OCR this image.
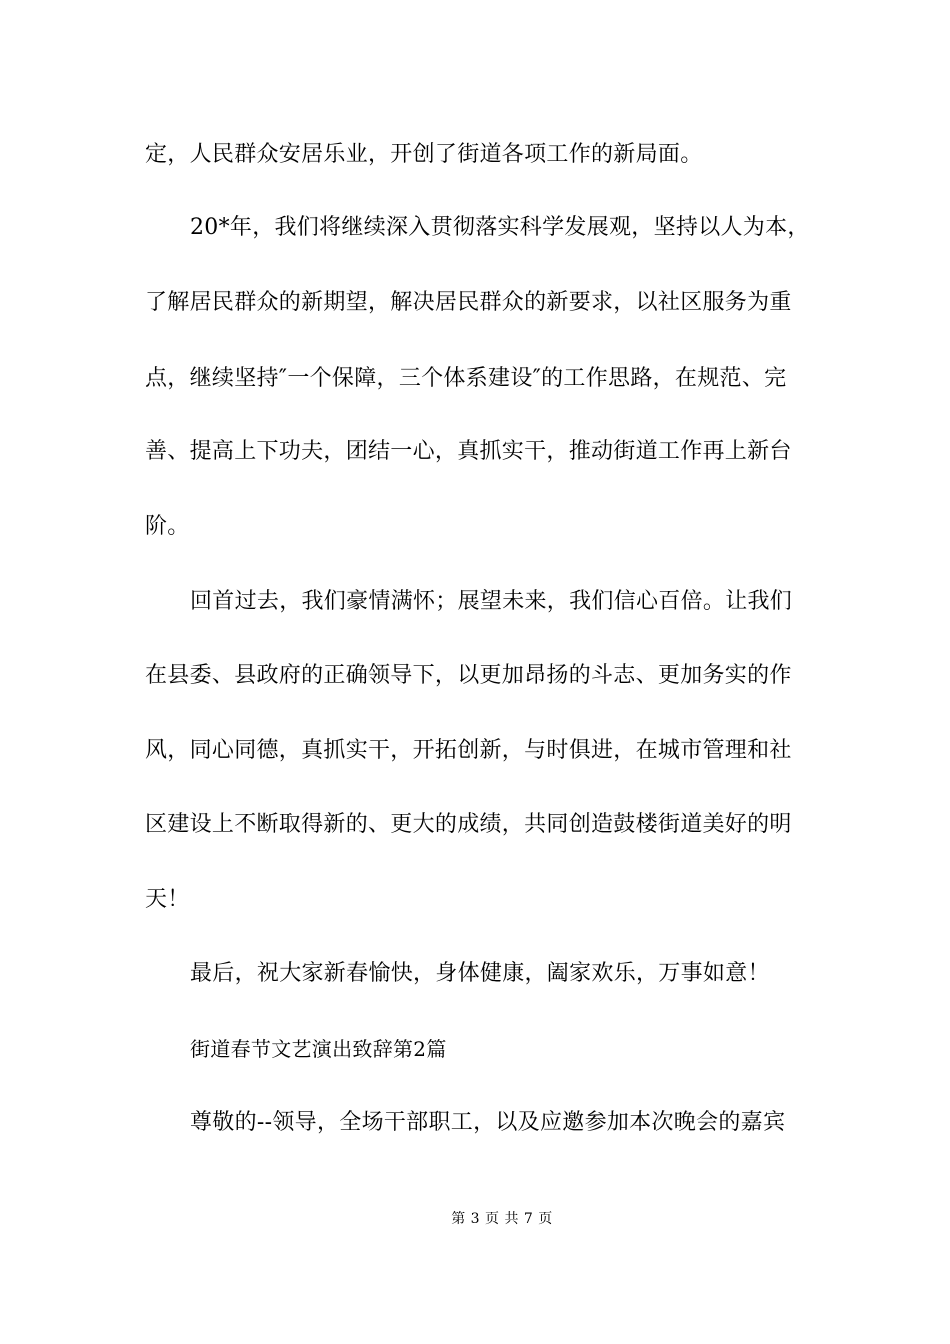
定，人民群众安居乐业，开创了街道各项工作的新局面。
20*年，我们将继续深入贯彻落实科学发展观，坚持以人为本，
了解居民群众的新期望，解决居民群众的新要求，以社区服务为重
点，继续坚持″一个保障，三个体系建设″的工作思路，在规范、完
善、提高上下功夫，团结一心，真抓实干，推动街道工作再上新台
阶。
回首过去，我们豪情满怀；展望未来，我们信心百倍。让我们
在县委、县政府的正确领导下，以更加昂扬的斗志、更加务实的作
风，同心同德，真抓实干，开拓创新，与时俱进，在城市管理和社
区建设上不断取得新的、更大的成绩，共同创造鼓楼街道美好的明
天！
最后，祝大家新春愉快，身体健康，阖家欢乐，万事如意！
街道春节文艺演出致辞第2篇
尊敬的--领导，全场干部职工，以及应邀参加本次晚会的嘉宾
第 3 页 共 7 页
